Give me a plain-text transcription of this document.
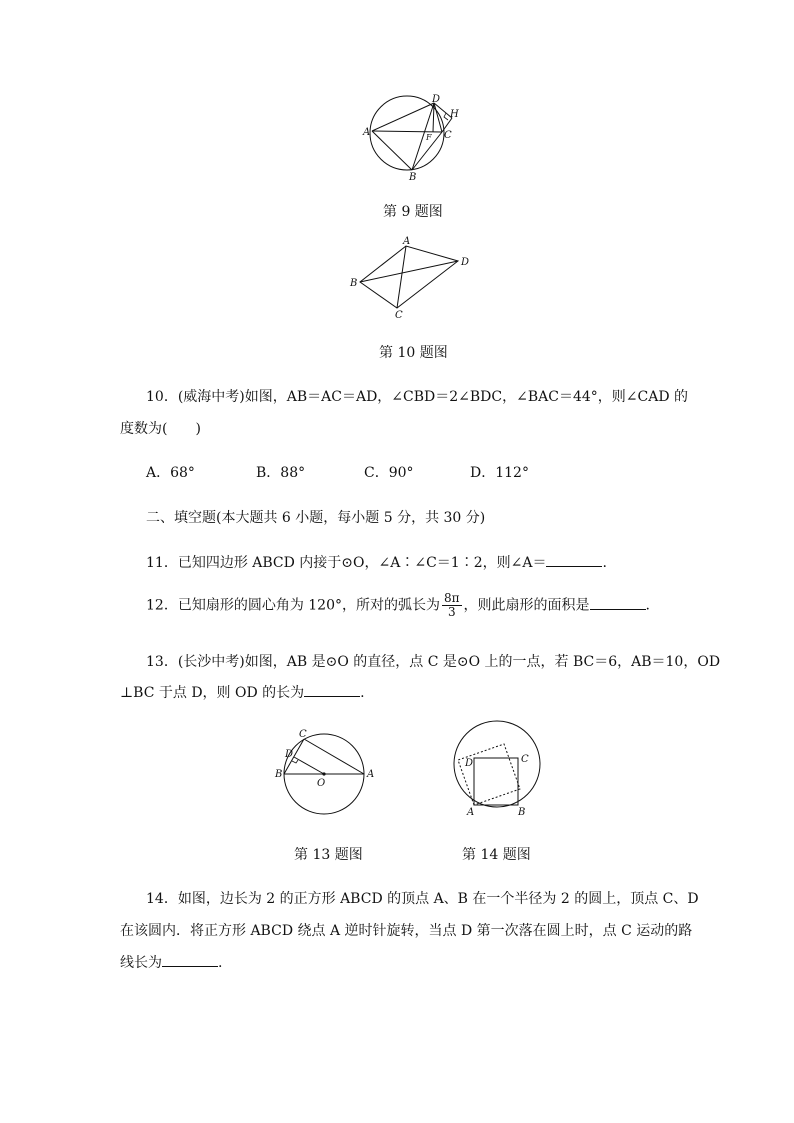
A
B
C
D
H
F
第 9 题图
A
B
C
D
第 10 题图
10．(威海中考)如图，AB＝AC＝AD，∠CBD＝2∠BDC，∠BAC＝44°，则∠CAD 的
度数为(　　)
A．68°	B．88°	C．90°	D．112°
二、填空题(本大题共 6 小题，每小题 5 分，共 30 分)
11．已知四边形 ABCD 内接于⊙O，∠A∶∠C＝1∶2，则∠A＝	.
12．已知扇形的圆心角为 120°，所对的弧长为 $\frac{8\pi}{3}$ ，则此扇形的面积是	.
13．(长沙中考)如图，AB 是⊙O 的直径，点 C 是⊙O 上的一点，若 BC＝6，AB＝10，OD
⊥BC 于点 D，则 OD 的长为	.
A
B
C
D
O
A	B
C
D
第 13 题图	第 14 题图
14．如图，边长为 2 的正方形 ABCD 的顶点 A、B 在一个半径为 2 的圆上，顶点 C、D
在该圆内．将正方形 ABCD 绕点 A 逆时针旋转，当点 D 第一次落在圆上时，点 C 运动的路
线长为	.
